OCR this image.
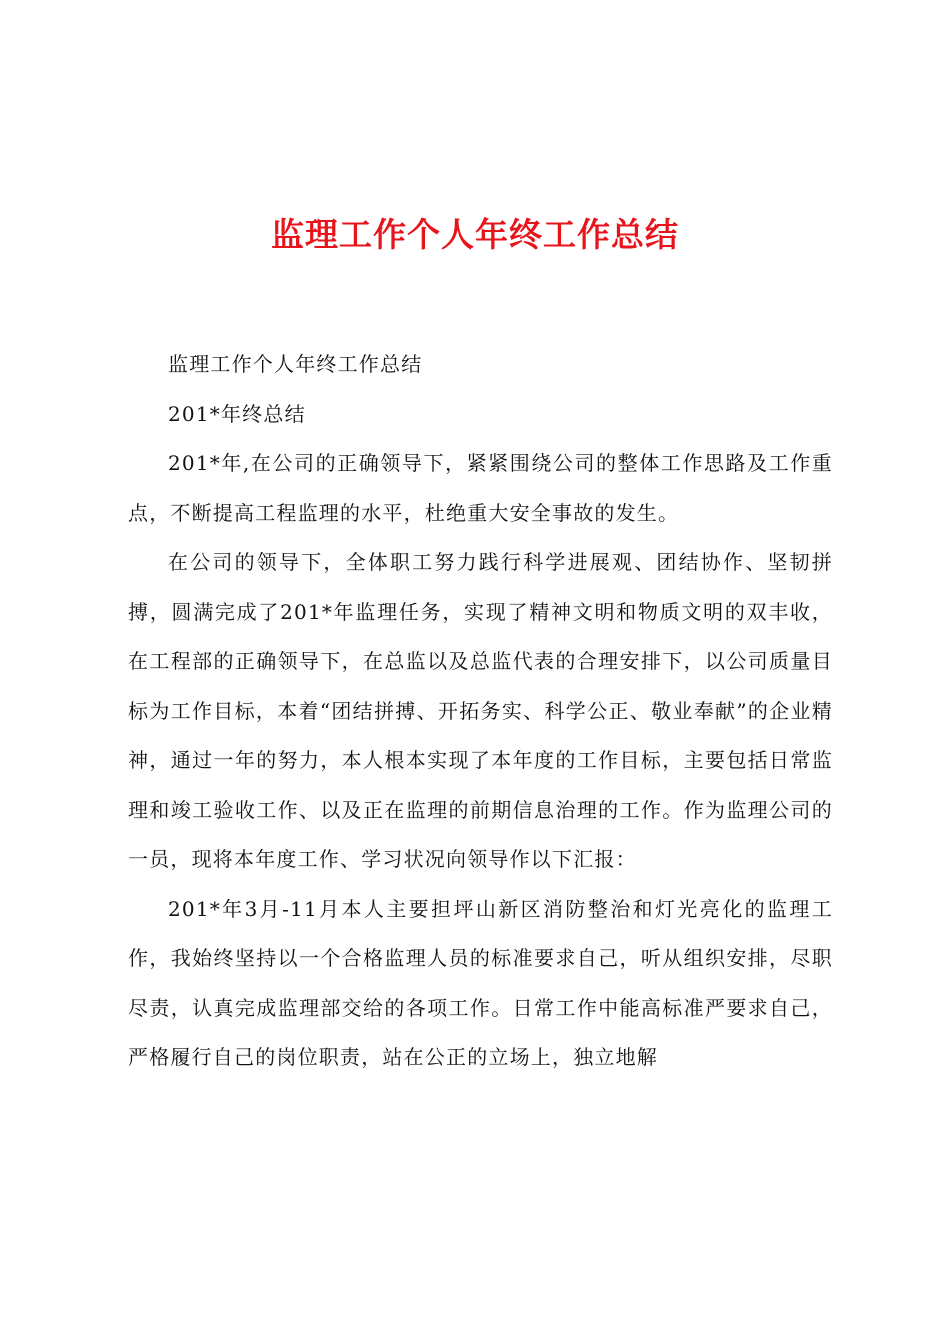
监理工作个人年终工作总结

监理工作个人年终工作总结

201*年终总结

201*年,在公司的正确领导下，紧紧围绕公司的整体工作思路及工作重点，不断提高工程监理的水平，杜绝重大安全事故的发生。

在公司的领导下，全体职工努力践行科学进展观、团结协作、坚韧拼搏，圆满完成了201*年监理任务，实现了精神文明和物质文明的双丰收，在工程部的正确领导下，在总监以及总监代表的合理安排下，以公司质量目标为工作目标，本着“团结拼搏、开拓务实、科学公正、敬业奉献”的企业精神，通过一年的努力，本人根本实现了本年度的工作目标，主要包括日常监理和竣工验收工作、以及正在监理的前期信息治理的工作。作为监理公司的一员，现将本年度工作、学习状况向领导作以下汇报：

201*年3月-11月本人主要担坪山新区消防整治和灯光亮化的监理工作，我始终坚持以一个合格监理人员的标准要求自己，听从组织安排，尽职尽责，认真完成监理部交给的各项工作。日常工作中能高标准严要求自己，严格履行自己的岗位职责，站在公正的立场上，独立地解
